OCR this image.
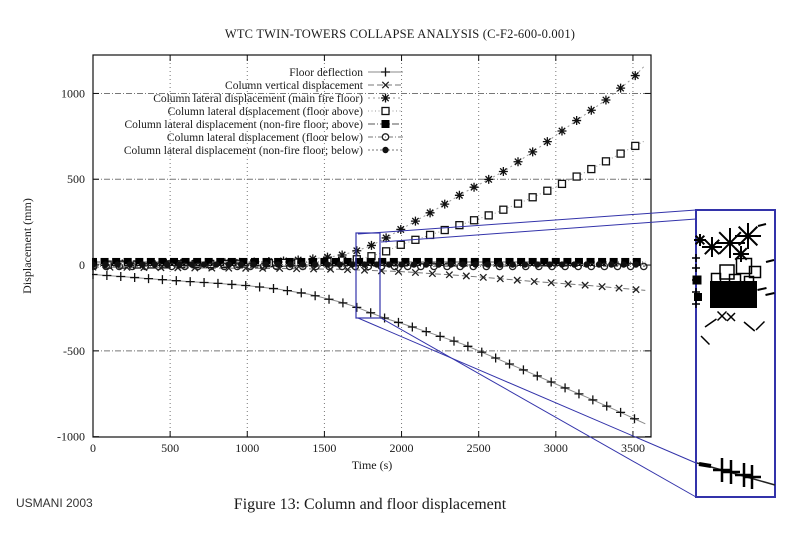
WTC TWIN-TOWERS COLLAPSE ANALYSIS (C-F2-600-0.001)
0	500	1000	1500	2000	2500	3000	3500
-1000
-500
0
500
1000
Time (s)
Displacement (mm)
Floor deflection
Column vertical displacement
Column lateral displacement (main fire floor)
Column lateral displacement (floor above)
Column lateral displacement (non-fire floor; above)
Column lateral displacement (floor below)
Column lateral displacement (non-fire floor; below)
USMANI 2003	Figure 13: Column and floor displacement
